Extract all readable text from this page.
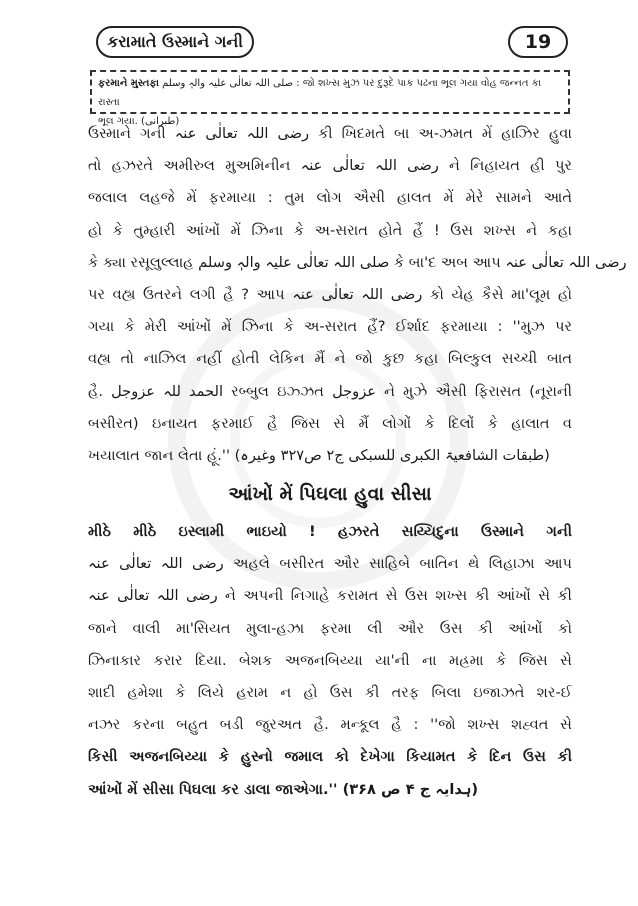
કરામાતે ઉસ્માને ગની	19
ફરમાને મુસ્તફા صلی اللہ تعالٰی علیہ والہٖ وسلم : જો શખ્સ મુઝ પર દુરૂદે પાક પઢના ભૂલ ગયા વોહ જન્નત કા રાસ્તા
ભૂલ ગયા. (طبرانی)
ઉસ્માને ગની رضی اللہ تعالٰی عنہ કી ખિદમતે બા અ-ઝમત મેં હાઝિર હુવા
તો હઝરતે અમીરુલ મુઅમિનીન رضی اللہ تعالٰی عنہ ને નિહાયત હી પુર
જલાલ લહજે મેં ફરમાયા : તુમ લોગ ઐસી હાલત મેં મેરે સામને આતે
હો કે તુમ્હારી આંખોં મેં ઝિના કે અ-સરાત હોતે હૈં ! ઉસ શખ્સ ને કહા
કે ક્યા રસૂલુલ્લાહ صلی اللہ تعالٰی علیہ والہٖ وسلم કે બા'દ અબ આપ رضی اللہ تعالٰی عنہ
પર વહ્ય ઉતરને લગી હૈ ? આપ رضی اللہ تعالٰی عنہ કો યેહ કૈસે મા'લૂમ હો
ગયા કે મેરી આંખોં મેં ઝિના કે અ-સરાત હૈં? ઈર્શાદ ફરમાયા : ''મુઝ પર
વહ્ય તો નાઝિલ નહીં હોતી લેકિન મૈં ને જો કુછ કહા બિલ્કુલ સચ્ચી બાત
હૈ. الحمد للہ عزوجل રબ્બુલ ઇઝ્ઝત عزوجل ને મુઝે ઐસી ફિરાસત (નૂરાની
બસીરત) ઇનાયત ફરમાઈ હૈ જિસ સે મૈં લોગોં કે દિલોં કે હાલાત વ
ખયાલાત જાન લેતા હૂં.'' (طبقات الشافعیۃ الکبری للسبکی ج۲ ص۳۲۷ وغیرہ)
આંખોં મેં પિઘલા હુવા સીસા
મીઠે મીઠે ઇસ્લામી ભાઇયો ! હઝરતે સય્યિદુના ઉસ્માને ગની
رضی اللہ تعالٰی عنہ અહલે બસીરત ઔર સાહિબે બાતિન થે લિહાઝા આપ
رضی اللہ تعالٰی عنہ ને અપની નિગાહે કરામત સે ઉસ શખ્સ કી આંખોં સે કી
જાને વાલી મા'સિયત મુલા-હઝા ફરમા લી ઔર ઉસ કી આંખોં કો
ઝિનાકાર કરાર દિયા. બેશક અજનબિય્યા યા'ની ના મહ્રમા કે જિસ સે
શાદી હમેશા કે લિયે હરામ ન હો ઉસ કી તરફ બિલા ઇજાઝતે શર-ઈ
નઝર કરના બહુત બડી જુરઅત હૈ. મન્કૂલ હૈ : ''જો શખ્સ શહ્વત સે
કિસી અજનબિય્યા કે હુસ્નો જમાલ કો દેખેગા કિયામત કે દિન ઉસ કી
આંખોં મેં સીસા પિઘલા કર ડાલા જાએગા.'' (ہدایہ ج ۴ ص ۳۶۸)
